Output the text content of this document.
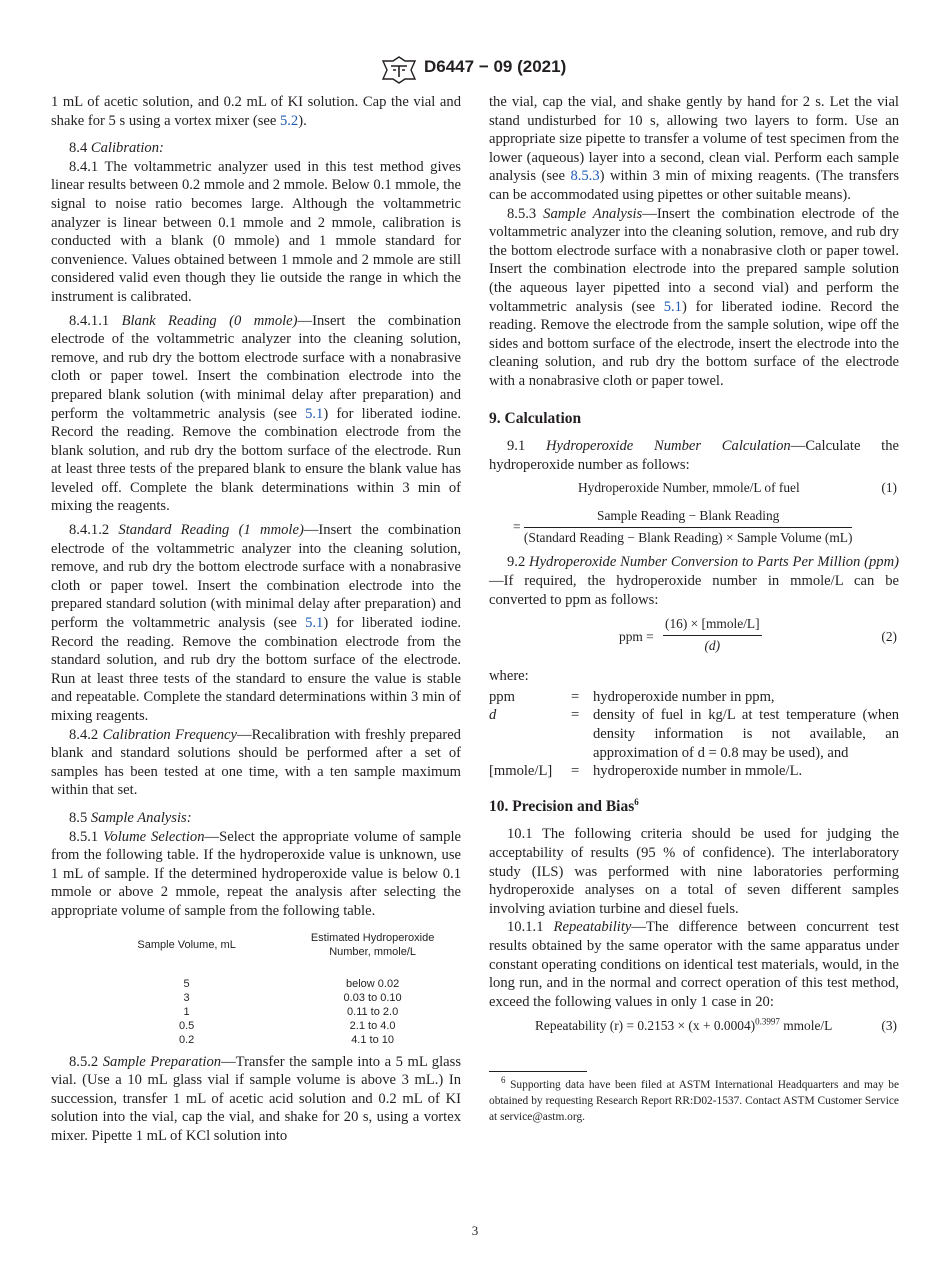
D6447 − 09 (2021)

1 mL of acetic solution, and 0.2 mL of KI solution. Cap the vial and shake for 5 s using a vortex mixer (see 5.2).

8.4 Calibration:

8.4.1 The voltammetric analyzer used in this test method gives linear results between 0.2 mmole and 2 mmole. Below 0.1 mmole, the signal to noise ratio becomes large. Although the voltammetric analyzer is linear between 0.1 mmole and 2 mmole, calibration is conducted with a blank (0 mmole) and 1 mmole standard for convenience. Values obtained between 1 mmole and 2 mmole are still considered valid even though they lie outside the range in which the instrument is calibrated.

8.4.1.1 Blank Reading (0 mmole)—Insert the combination electrode of the voltammetric analyzer into the cleaning solution, remove, and rub dry the bottom electrode surface with a nonabrasive cloth or paper towel. Insert the combination electrode into the prepared blank solution (with minimal delay after preparation) and perform the voltammetric analysis (see 5.1) for liberated iodine. Record the reading. Remove the combination electrode from the blank solution, and rub dry the bottom surface of the electrode. Run at least three tests of the prepared blank to ensure the blank value has leveled off. Complete the blank determinations within 3 min of mixing the reagents.

8.4.1.2 Standard Reading (1 mmole)—Insert the combination electrode of the voltammetric analyzer into the cleaning solution, remove, and rub dry the bottom electrode surface with a nonabrasive cloth or paper towel. Insert the combination electrode into the prepared standard solution (with minimal delay after preparation) and perform the voltammetric analysis (see 5.1) for liberated iodine. Record the reading. Remove the combination electrode from the standard solution, and rub dry the bottom surface of the electrode. Run at least three tests of the standard to ensure the value is stable and repeatable. Complete the standard determinations within 3 min of mixing reagents.

8.4.2 Calibration Frequency—Recalibration with freshly prepared blank and standard solutions should be performed after a set of samples has been tested at one time, with a ten sample maximum within that set.

8.5 Sample Analysis:

8.5.1 Volume Selection—Select the appropriate volume of sample from the following table. If the hydroperoxide value is unknown, use 1 mL of sample. If the determined hydroperoxide value is below 0.1 mmole or above 2 mmole, repeat the analysis after selecting the appropriate volume of sample from the following table.

Sample Volume, mL	Estimated Hydroperoxide
Number, mmole/L
5	below 0.02
3	0.03 to 0.10
1	0.11 to 2.0
0.5	2.1 to 4.0
0.2	4.1 to 10

8.5.2 Sample Preparation—Transfer the sample into a 5 mL glass vial. (Use a 10 mL glass vial if sample volume is above 3 mL.) In succession, transfer 1 mL of acetic acid solution and 0.2 mL of KI solution into the vial, cap the vial, and shake for 20 s, using a vortex mixer. Pipette 1 mL of KCl solution into

the vial, cap the vial, and shake gently by hand for 2 s. Let the vial stand undisturbed for 10 s, allowing two layers to form. Use an appropriate size pipette to transfer a volume of test specimen from the lower (aqueous) layer into a second, clean vial. Perform each sample analysis (see 8.5.3) within 3 min of mixing reagents. (The transfers can be accommodated using pipettes or other suitable means).

8.5.3 Sample Analysis—Insert the combination electrode of the voltammetric analyzer into the cleaning solution, remove, and rub dry the bottom electrode surface with a nonabrasive cloth or paper towel. Insert the combination electrode into the prepared sample solution (the aqueous layer pipetted into a second vial) and perform the voltammetric analysis (see 5.1) for liberated iodine. Record the reading. Remove the electrode from the sample solution, wipe off the sides and bottom surface of the electrode, insert the electrode into the cleaning solution, and rub dry the bottom surface of the electrode with a nonabrasive cloth or paper towel.

9. Calculation

9.1 Hydroperoxide Number Calculation—Calculate the hydroperoxide number as follows:

Hydroperoxide Number, mmole/L of fuel	(1)
= $\frac{\text{Sample Reading − Blank Reading}}{\text{(Standard Reading − Blank Reading) × Sample Volume (mL)}}$

9.2 Hydroperoxide Number Conversion to Parts Per Million (ppm)—If required, the hydroperoxide number in mmole/L can be converted to ppm as follows:

ppm =
(16) × [mmole/L]
(d)
(2)

where:

ppm	= hydroperoxide number in ppm,
d	= density of fuel in kg/L at test temperature (when density information is not available, an approximation of d = 0.8 may be used), and
[mmole/L]	= hydroperoxide number in mmole/L.
10. Precision and Bias$^6$

10.1 The following criteria should be used for judging the acceptability of results (95 % of confidence). The interlaboratory study (ILS) was performed with nine laboratories performing hydroperoxide analyses on a total of seven different samples involving aviation turbine and diesel fuels.

10.1.1 Repeatability—The difference between concurrent test results obtained by the same operator with the same apparatus under constant operating conditions on identical test materials, would, in the long run, and in the normal and correct operation of this test method, exceed the following values in only 1 case in 20:

Repeatability $(r) = 0.2153 \times (x + 0.0004)^{0.3997}$ mmole/L	(3)

$^6$ Supporting data have been filed at ASTM International Headquarters and may be obtained by requesting Research Report RR:D02-1537. Contact ASTM Customer Service at service@astm.org.

3
